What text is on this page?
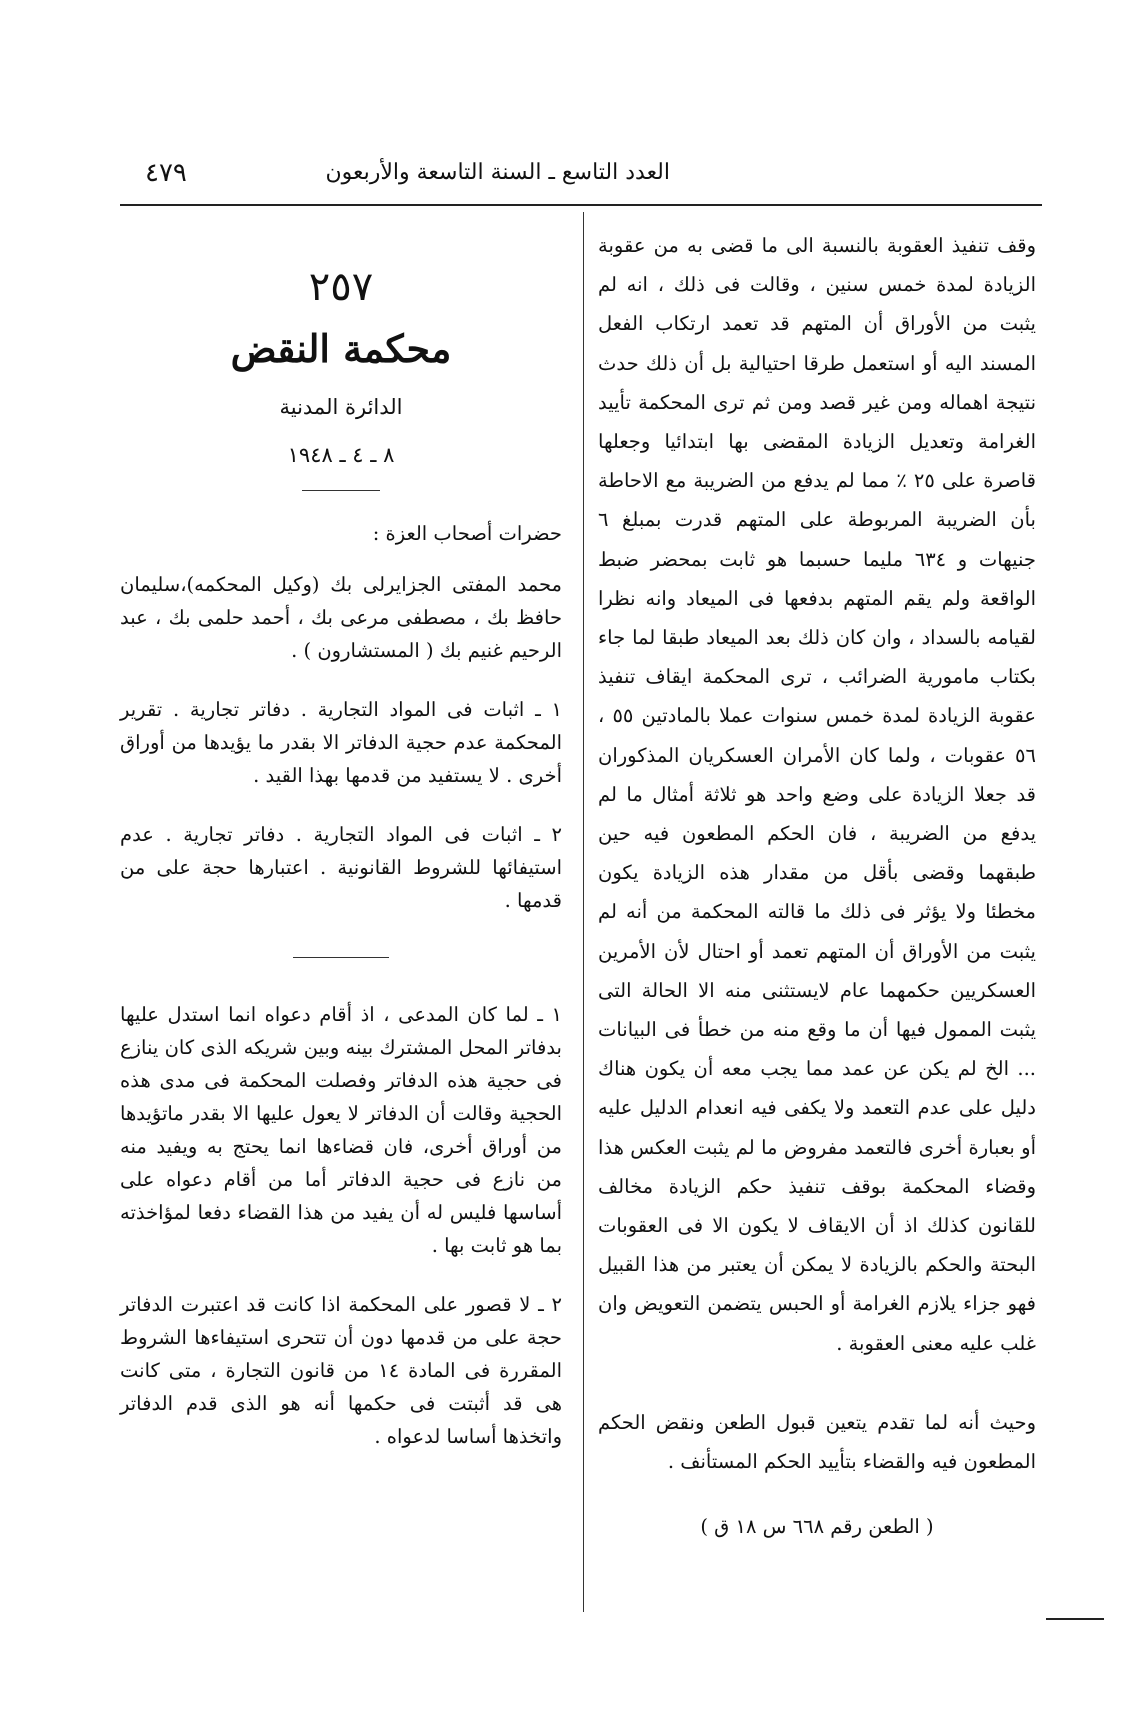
العدد التاسع ـ السنة التاسعة والأربعون
٤٧٩

وقف تنفيذ العقوبة بالنسبة الى ما قضى به من عقوبة الزيادة لمدة خمس سنين ، وقالت فى ذلك ، انه لم يثبت من الأوراق أن المتهم قد تعمد ارتكاب الفعل المسند اليه أو استعمل طرقا احتيالية بل أن ذلك حدث نتيجة اهماله ومن غير قصد ومن ثم ترى المحكمة تأييد الغرامة وتعديل الزيادة المقضى بها ابتدائيا وجعلها قاصرة على ٢٥ ٪ مما لم يدفع من الضريبة مع الاحاطة بأن الضريبة المربوطة على المتهم قدرت بمبلغ ٦ جنيهات و ٦٣٤ مليما حسبما هو ثابت بمحضر ضبط الواقعة ولم يقم المتهم بدفعها فى الميعاد وانه نظرا لقيامه بالسداد ، وان كان ذلك بعد الميعاد طبقا لما جاء بكتاب مامورية الضرائب ، ترى المحكمة ايقاف تنفيذ عقوبة الزيادة لمدة خمس سنوات عملا بالمادتين ٥٥ ، ٥٦ عقوبات ، ولما كان الأمران العسكريان المذكوران قد جعلا الزيادة على وضع واحد هو ثلاثة أمثال ما لم يدفع من الضريبة ، فان الحكم المطعون فيه حين طبقهما وقضى بأقل من مقدار هذه الزيادة يكون مخطئا ولا يؤثر فى ذلك ما قالته المحكمة من أنه لم يثبت من الأوراق أن المتهم تعمد أو احتال لأن الأمرين العسكريين حكمهما عام لايستثنى منه الا الحالة التى يثبت الممول فيها أن ما وقع منه من خطأ فى البيانات ... الخ لم يكن عن عمد مما يجب معه أن يكون هناك دليل على عدم التعمد ولا يكفى فيه انعدام الدليل عليه أو بعبارة أخرى فالتعمد مفروض ما لم يثبت العكس هذا وقضاء المحكمة بوقف تنفيذ حكم الزيادة مخالف للقانون كذلك اذ أن الايقاف لا يكون الا فى العقوبات البحتة والحكم بالزيادة لا يمكن أن يعتبر من هذا القبيل فهو جزاء يلازم الغرامة أو الحبس يتضمن التعويض وان غلب عليه معنى العقوبة .

وحيث أنه لما تقدم يتعين قبول الطعن ونقض الحكم المطعون فيه والقضاء بتأييد الحكم المستأنف .

( الطعن رقم ٦٦٨ س ١٨ ق )

٢٥٧
محكمة النقض
الدائرة المدنية
٨ ـ ٤ ـ ١٩٤٨

حضرات أصحاب العزة :

محمد المفتى الجزايرلى بك (وكيل المحكمه)،سليمان حافظ بك ، مصطفى مرعى بك ، أحمد حلمى بك ، عبد الرحيم غنيم بك ( المستشارون ) .

١ ـ اثبات فى المواد التجارية . دفاتر تجارية . تقرير المحكمة عدم حجية الدفاتر الا بقدر ما يؤيدها من أوراق أخرى . لا يستفيد من قدمها بهذا القيد .

٢ ـ اثبات فى المواد التجارية . دفاتر تجارية . عدم استيفائها للشروط القانونية . اعتبارها حجة على من قدمها .

١ ـ لما كان المدعى ، اذ أقام دعواه انما استدل عليها بدفاتر المحل المشترك بينه وبين شريكه الذى كان ينازع فى حجية هذه الدفاتر وفصلت المحكمة فى مدى هذه الحجية وقالت أن الدفاتر لا يعول عليها الا بقدر ماتؤيدها من أوراق أخرى، فان قضاءها انما يحتج به ويفيد منه من نازع فى حجية الدفاتر أما من أقام دعواه على أساسها فليس له أن يفيد من هذا القضاء دفعا لمؤاخذته بما هو ثابت بها .

٢ ـ لا قصور على المحكمة اذا كانت قد اعتبرت الدفاتر حجة على من قدمها دون أن تتحرى استيفاءها الشروط المقررة فى المادة ١٤ من قانون التجارة ، متى كانت هى قد أثبتت فى حكمها أنه هو الذى قدم الدفاتر واتخذها أساسا لدعواه .
